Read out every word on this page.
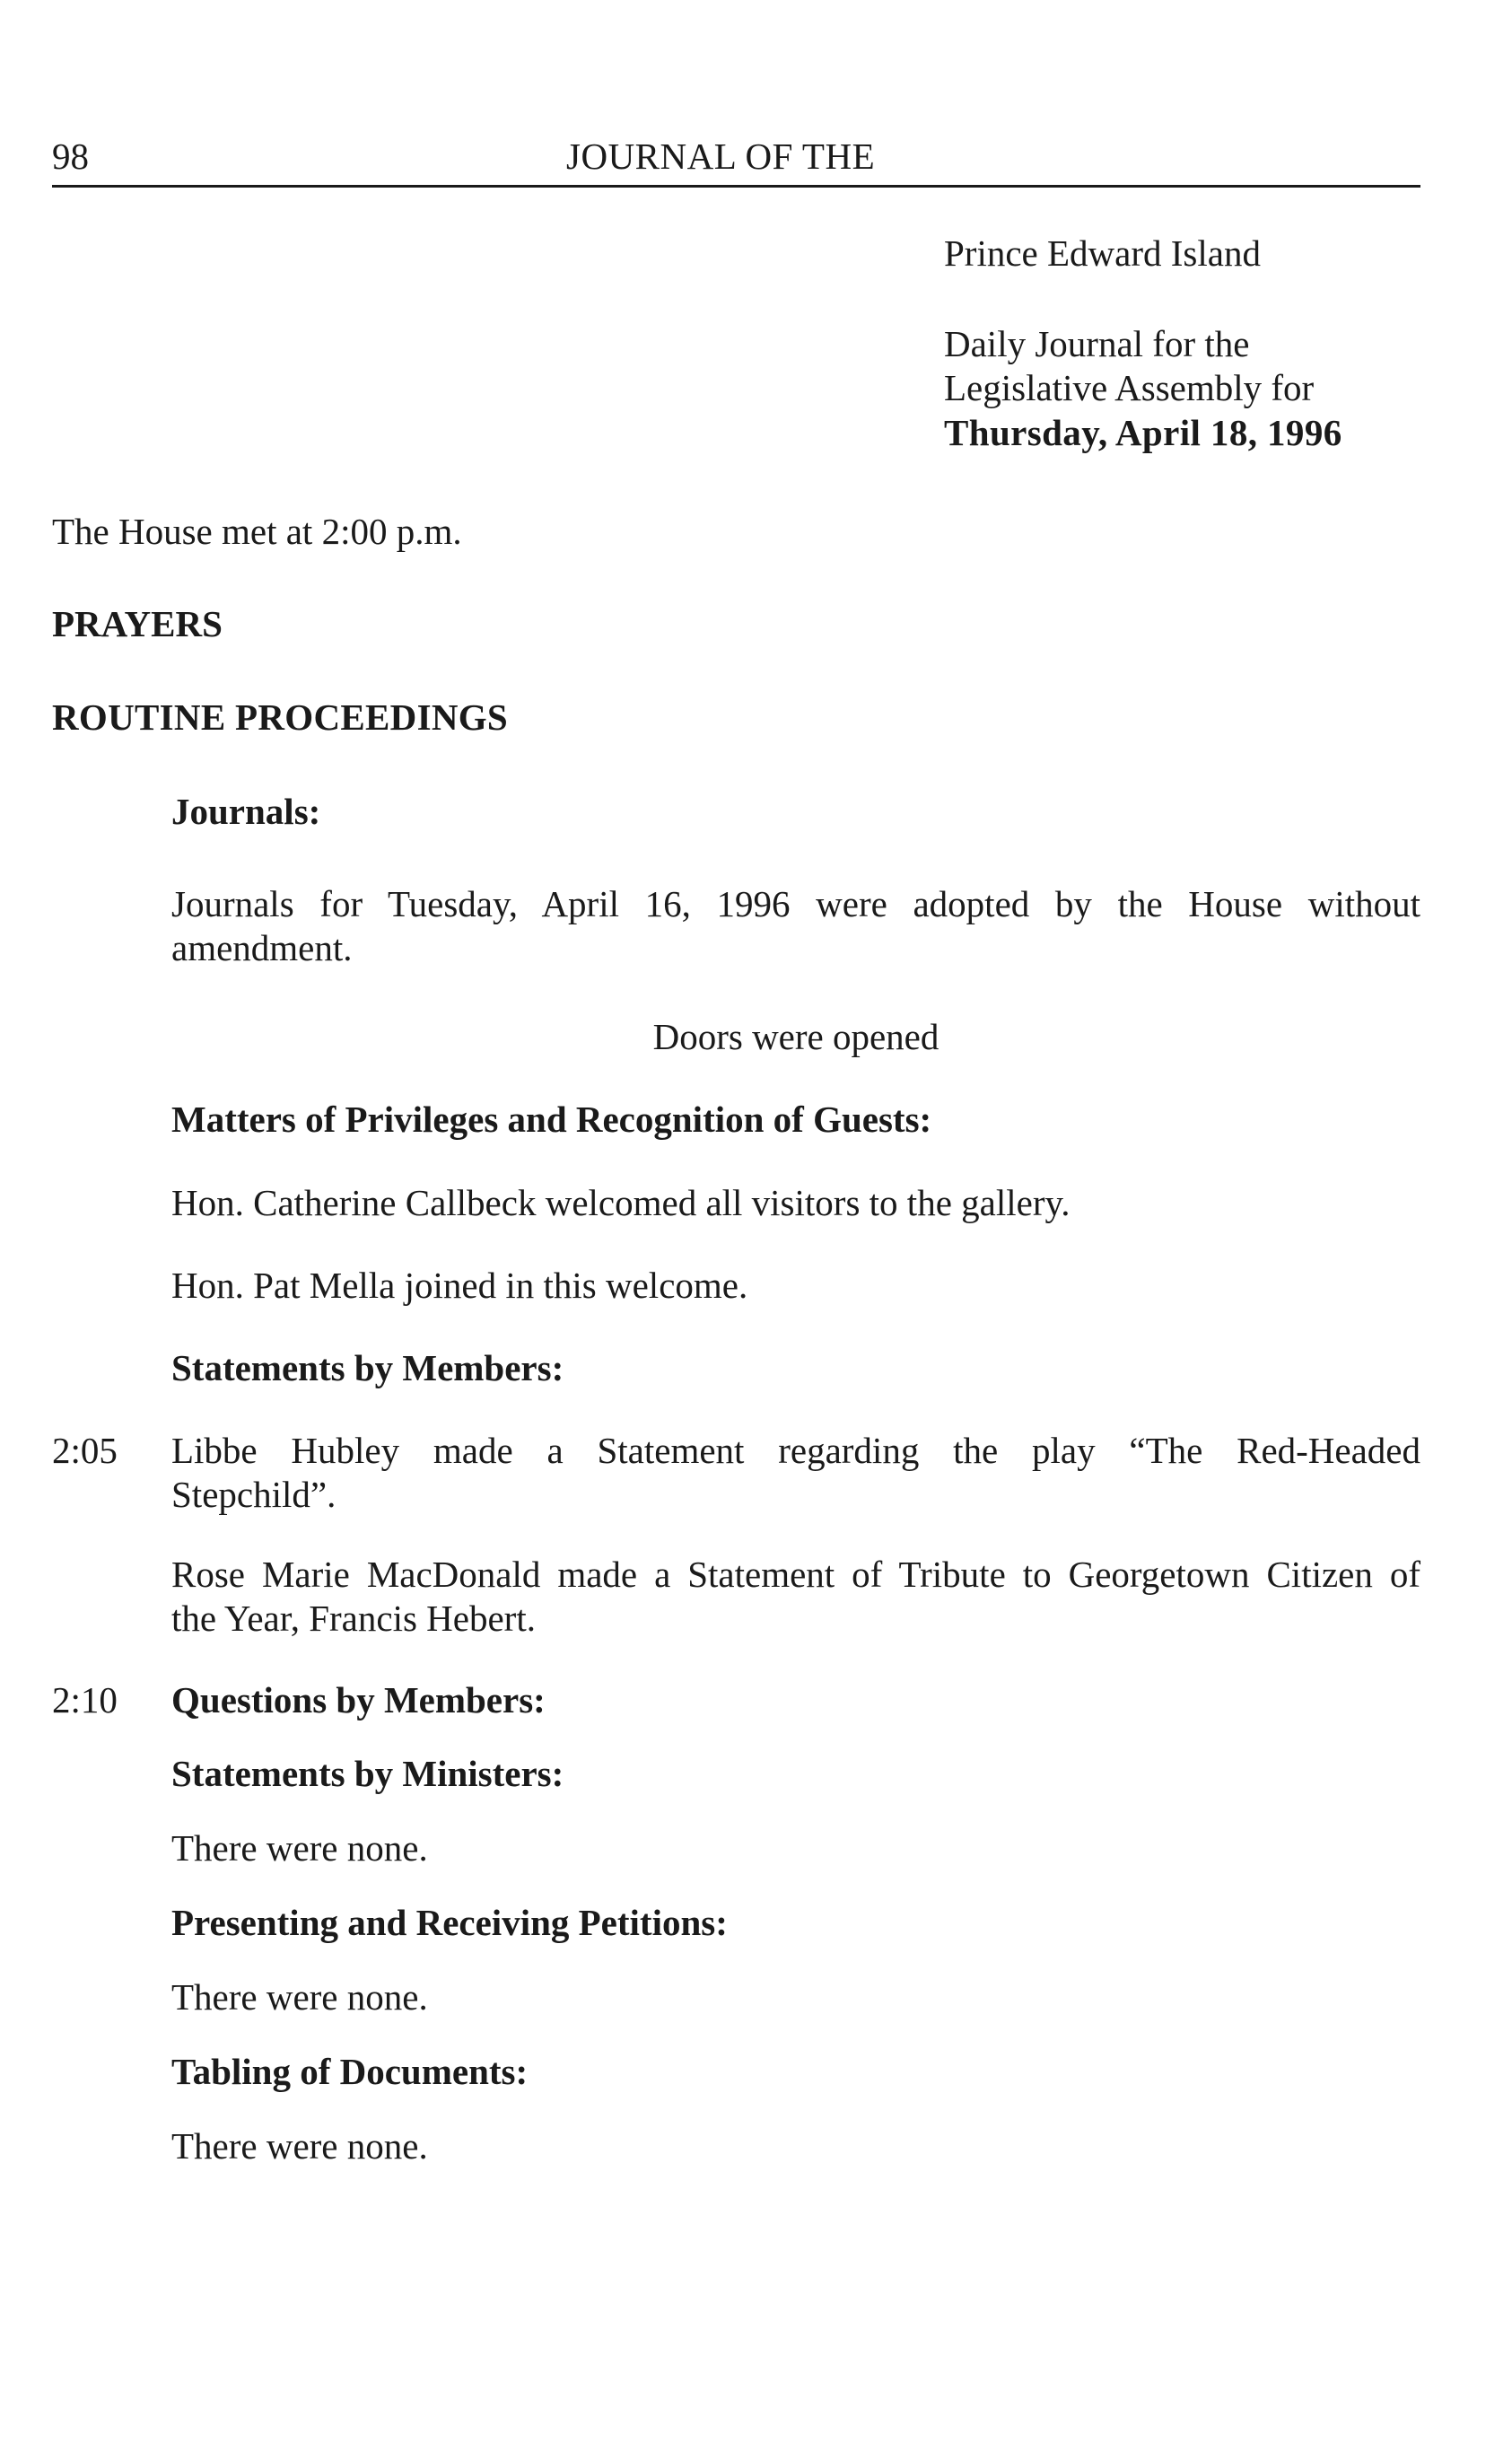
98	JOURNAL OF THE
Prince Edward Island
Daily Journal for the
Legislative Assembly for
Thursday, April 18, 1996
The House met at 2:00 p.m.
PRAYERS
ROUTINE PROCEEDINGS
Journals:
Journals for Tuesday, April 16, 1996 were adopted by the House without
amendment.
Doors were opened
Matters of Privileges and Recognition of Guests:
Hon. Catherine Callbeck welcomed all visitors to the gallery.
Hon. Pat Mella joined in this welcome.
Statements by Members:
2:05 Libbe Hubley made a Statement regarding the play “The Red-Headed
Stepchild”.
Rose Marie MacDonald made a Statement of Tribute to Georgetown Citizen of
the Year, Francis Hebert.
2:10 Questions by Members:
Statements by Ministers:
There were none.
Presenting and Receiving Petitions:
There were none.
Tabling of Documents:
There were none.
